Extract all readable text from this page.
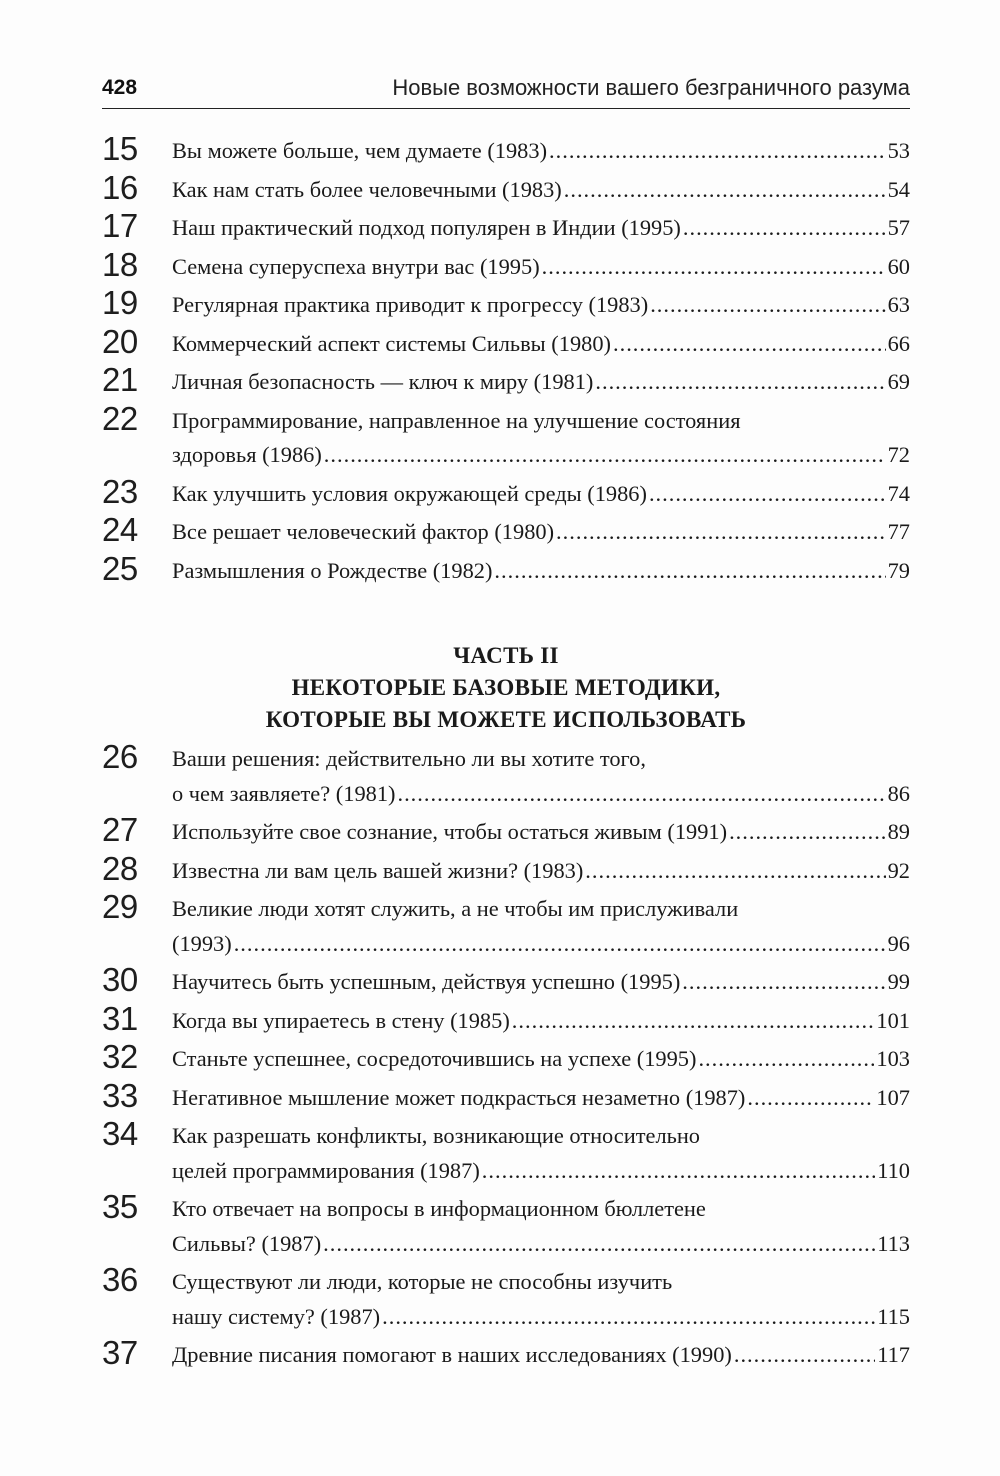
428	Новые возможности вашего безграничного разума
15 Вы можете больше, чем думаете (1983) .....	53
16 Как нам стать более человечными (1983) .....	54
17 Наш практический подход популярен в Индии (1995) .....	57
18 Семена суперуспеха внутри вас (1995) .....	60
19 Регулярная практика приводит к прогрессу (1983) .....	63
20 Коммерческий аспект системы Сильвы (1980) .....	66
21 Личная безопасность — ключ к миру (1981) .....	69
22 Программирование, направленное на улучшение состояния
здоровья (1986) .....	72
23 Как улучшить условия окружающей среды (1986) .....	74
24 Все решает человеческий фактор (1980) .....	77
25 Размышления о Рождестве (1982) .....	79
ЧАСТЬ II
НЕКОТОРЫЕ БАЗОВЫЕ МЕТОДИКИ,
КОТОРЫЕ ВЫ МОЖЕТЕ ИСПОЛЬЗОВАТЬ
26 Ваши решения: действительно ли вы хотите того,
о чем заявляете? (1981) .....	86
27 Используйте свое сознание, чтобы остаться живым (1991) .....	89
28 Известна ли вам цель вашей жизни? (1983) .....	92
29 Великие люди хотят служить, а не чтобы им прислуживали
(1993) .....	96
30 Научитесь быть успешным, действуя успешно (1995) .....	99
31 Когда вы упираетесь в стену (1985) .....	101
32 Станьте успешнее, сосредоточившись на успехе (1995) .....	103
33 Негативное мышление может подкрасться незаметно (1987) .....	107
34 Как разрешать конфликты, возникающие относительно
целей программирования (1987) .....	110
35 Кто отвечает на вопросы в информационном бюллетене
Сильвы? (1987) .....	113
36 Существуют ли люди, которые не способны изучить
нашу систему? (1987) .....	115
37 Древние писания помогают в наших исследованиях (1990) .....	117
